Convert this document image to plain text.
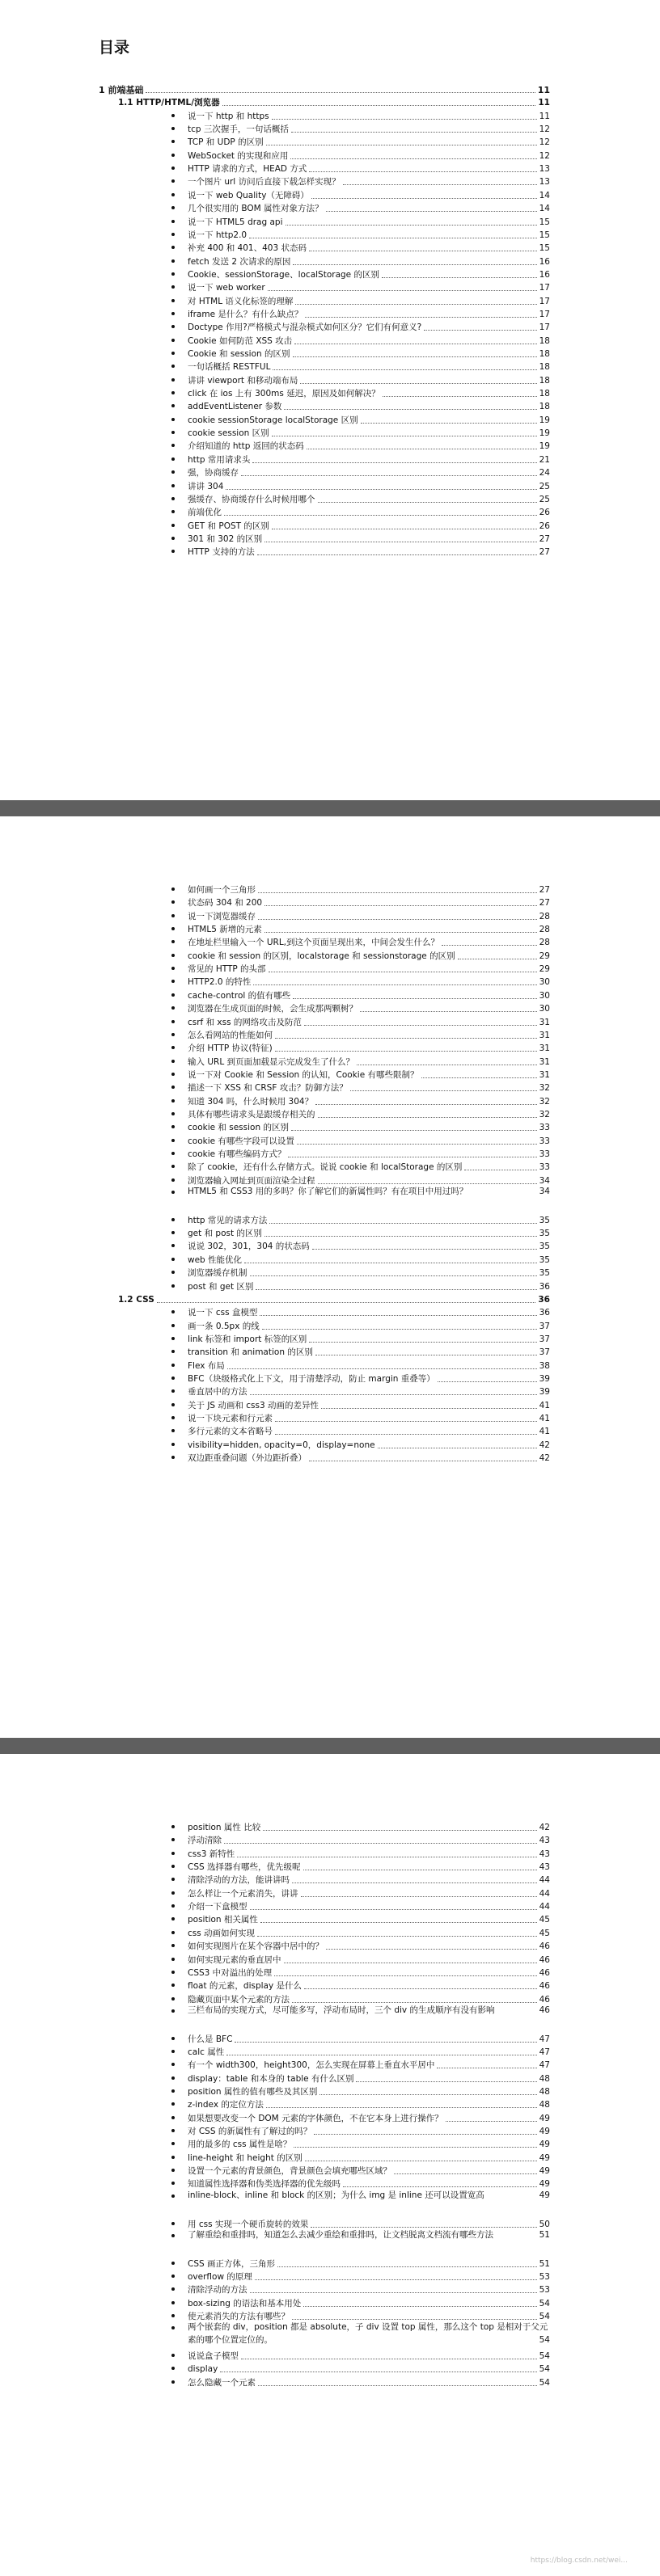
目录
1 前端基础	11
1.1 HTTP/HTML/浏览器	11
说一下 http 和 https	11
tcp 三次握手，一句话概括	12
TCP 和 UDP 的区别	12
WebSocket 的实现和应用	12
HTTP 请求的方式，HEAD 方式	13
一个图片 url 访问后直接下载怎样实现？	13
说一下 web Quality（无障碍）	14
几个很实用的 BOM 属性对象方法？	14
说一下 HTML5 drag api	15
说一下 http2.0	15
补充 400 和 401、403 状态码	15
fetch 发送 2 次请求的原因	16
Cookie、sessionStorage、localStorage 的区别	16
说一下 web worker	17
对 HTML 语义化标签的理解	17
iframe 是什么？有什么缺点？	17
Doctype 作用?严格模式与混杂模式如何区分？它们有何意义?	17
Cookie 如何防范 XSS 攻击	18
Cookie 和 session 的区别	18
一句话概括 RESTFUL	18
讲讲 viewport 和移动端布局	18
click 在 ios 上有 300ms 延迟，原因及如何解决？	18
addEventListener 参数	18
cookie sessionStorage localStorage 区别	19
cookie session 区别	19
介绍知道的 http 返回的状态码	19
http 常用请求头	21
强，协商缓存	24
讲讲 304	25
强缓存、协商缓存什么时候用哪个	25
前端优化	26
GET 和 POST 的区别	26
301 和 302 的区别	27
HTTP 支持的方法	27
如何画一个三角形	27
状态码 304 和 200	27
说一下浏览器缓存	28
HTML5 新增的元素	28
在地址栏里输入一个 URL,到这个页面呈现出来，中间会发生什么？	28
cookie 和 session 的区别，localstorage 和 sessionstorage 的区别	29
常见的 HTTP 的头部	29
HTTP2.0 的特性	30
cache-control 的值有哪些	30
浏览器在生成页面的时候，会生成那两颗树？	30
csrf 和 xss 的网络攻击及防范	31
怎么看网站的性能如何	31
介绍 HTTP 协议(特征)	31
输入 URL 到页面加载显示完成发生了什么？	31
说一下对 Cookie 和 Session 的认知，Cookie 有哪些限制？	31
描述一下 XSS 和 CRSF 攻击？防御方法？	32
知道 304 吗，什么时候用 304？	32
具体有哪些请求头是跟缓存相关的	32
cookie 和 session 的区别	33
cookie 有哪些字段可以设置	33
cookie 有哪些编码方式？	33
除了 cookie，还有什么存储方式。说说 cookie 和 localStorage 的区别	33
浏览器输入网址到页面渲染全过程	34
HTML5 和 CSS3 用的多吗？你了解它们的新属性吗？有在项目中用过吗？	34
http 常见的请求方法	35
get 和 post 的区别	35
说说 302，301，304 的状态码	35
web 性能优化	35
浏览器缓存机制	35
post 和 get 区别	36
1.2 CSS	36
说一下 css 盒模型	36
画一条 0.5px 的线	37
link 标签和 import 标签的区别	37
transition 和 animation 的区别	37
Flex 布局	38
BFC（块级格式化上下文，用于清楚浮动，防止 margin 重叠等）	39
垂直居中的方法	39
关于 JS 动画和 css3 动画的差异性	41
说一下块元素和行元素	41
多行元素的文本省略号	41
visibility=hidden, opacity=0，display=none	42
双边距重叠问题（外边距折叠）	42
position 属性 比较	42
浮动清除	43
css3 新特性	43
CSS 选择器有哪些，优先级呢	43
清除浮动的方法，能讲讲吗	44
怎么样让一个元素消失，讲讲	44
介绍一下盒模型	44
position 相关属性	45
css 动画如何实现	45
如何实现图片在某个容器中居中的？	46
如何实现元素的垂直居中	46
CSS3 中对溢出的处理	46
float 的元素，display 是什么	46
隐藏页面中某个元素的方法	46
三栏布局的实现方式，尽可能多写，浮动布局时，三个 div 的生成顺序有没有影响	46
什么是 BFC	47
calc 属性	47
有一个 width300，height300，怎么实现在屏幕上垂直水平居中	47
display：table 和本身的 table 有什么区别	48
position 属性的值有哪些及其区别	48
z-index 的定位方法	48
如果想要改变一个 DOM 元素的字体颜色，不在它本身上进行操作？	49
对 CSS 的新属性有了解过的吗？	49
用的最多的 css 属性是啥？	49
line-height 和 height 的区别	49
设置一个元素的背景颜色，背景颜色会填充哪些区域？	49
知道属性选择器和伪类选择器的优先级吗	49
inline-block、inline 和 block 的区别；为什么 img 是 inline 还可以设置宽高	49
用 css 实现一个硬币旋转的效果	50
了解重绘和重排吗，知道怎么去减少重绘和重排吗，让文档脱离文档流有哪些方法	51
CSS 画正方体，三角形	51
overflow 的原理	53
清除浮动的方法	53
box-sizing 的语法和基本用处	54
使元素消失的方法有哪些？	54
两个嵌套的 div，position 都是 absolute，子 div 设置 top 属性，那么这个 top 是相对于父元素的哪个位置定位的。	54
说说盒子模型	54
display	54
怎么隐藏一个元素	54
https://blog.csdn.net/wei...
